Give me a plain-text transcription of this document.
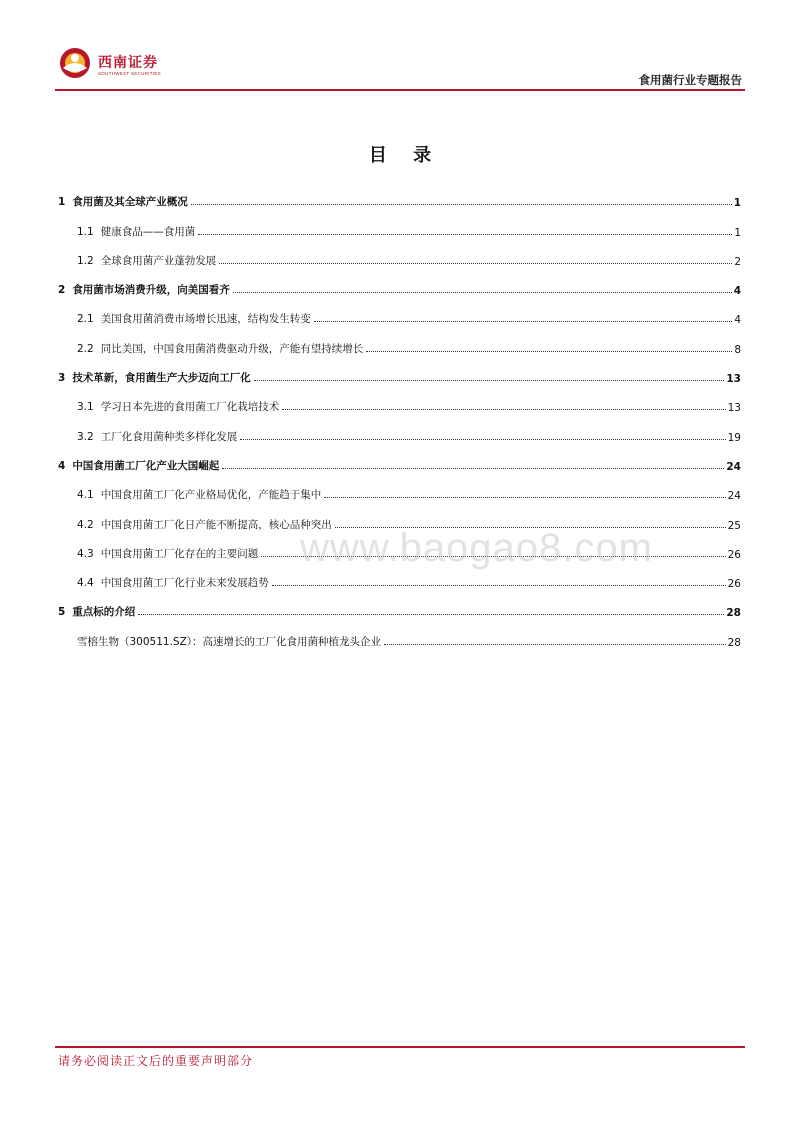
西南证券
SOUTHWEST SECURITIES	食用菌行业专题报告
目 录
1 食用菌及其全球产业概况	1
1.1 健康食品——食用菌	1
1.2 全球食用菌产业蓬勃发展	2
2 食用菌市场消费升级，向美国看齐	4
2.1 美国食用菌消费市场增长迅速，结构发生转变	4
2.2 同比美国，中国食用菌消费驱动升级，产能有望持续增长	8
3 技术革新，食用菌生产大步迈向工厂化	13
3.1 学习日本先进的食用菌工厂化栽培技术	13
3.2 工厂化食用菌种类多样化发展	19
4 中国食用菌工厂化产业大国崛起	24
4.1 中国食用菌工厂化产业格局优化，产能趋于集中	24
4.2 中国食用菌工厂化日产能不断提高，核心品种突出	25
4.3 中国食用菌工厂化存在的主要问题	26
4.4 中国食用菌工厂化行业未来发展趋势	26
5 重点标的介绍	28
雪榕生物（300511.SZ）：高速增长的工厂化食用菌种植龙头企业	28
www.baogao8.com
请务必阅读正文后的重要声明部分
